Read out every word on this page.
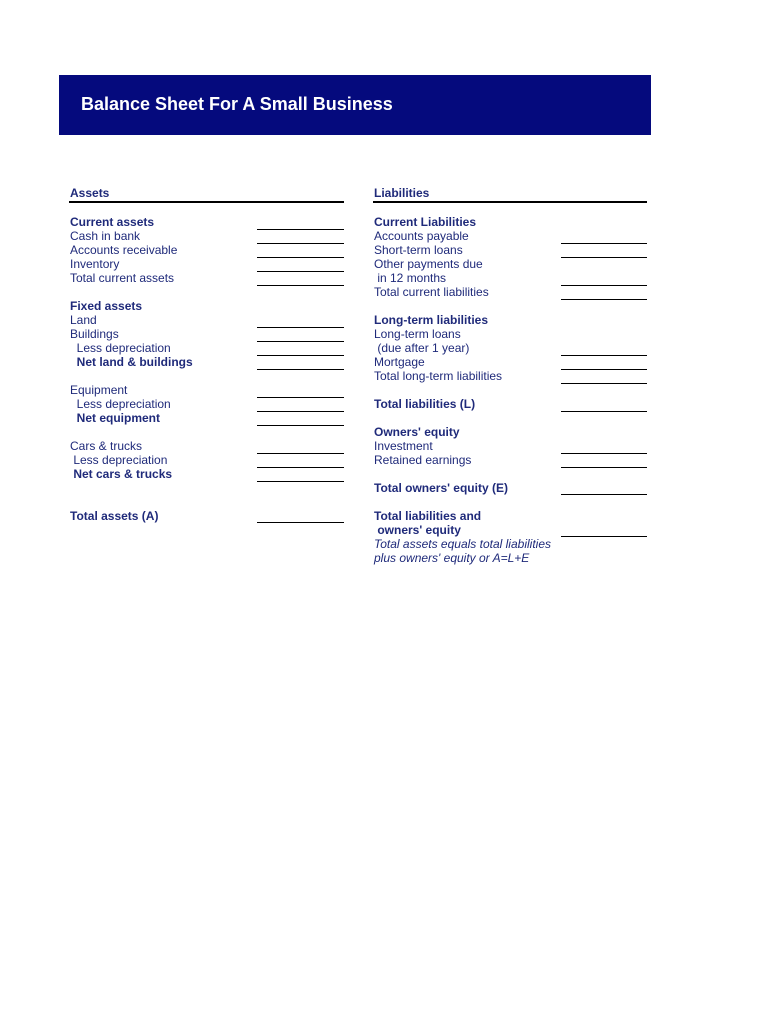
Balance Sheet For A Small Business
Assets	Liabilities
Current assets
Cash in bank
Accounts receivable
Inventory
Total current assets
Fixed assets
Land
Buildings
Less depreciation
Net land & buildings
Equipment
Less depreciation
Net equipment
Cars & trucks
Less depreciation
Net cars & trucks
Total assets (A)
Current Liabilities
Accounts payable
Short-term loans
Other payments due
in 12 months
Total current liabilities
Long-term liabilities
Long-term loans
(due after 1 year)
Mortgage
Total long-term liabilities
Total liabilities (L)
Owners' equity
Investment
Retained earnings
Total owners' equity (E)
Total liabilities and
owners' equity
Total assets equals total liabilities
plus owners' equity or A=L+E
